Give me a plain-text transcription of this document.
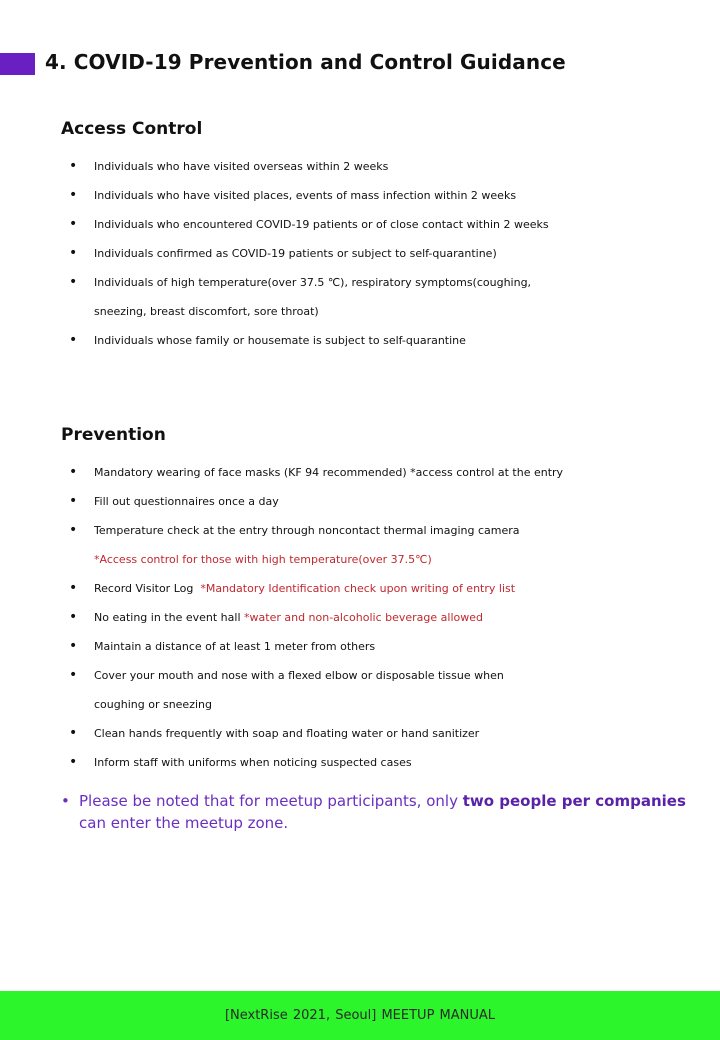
4. COVID-19 Prevention and Control Guidance
Access Control
• Individuals who have visited overseas within 2 weeks
• Individuals who have visited places, events of mass infection within 2 weeks
• Individuals who encountered COVID-19 patients or of close contact within 2 weeks
• Individuals confirmed as COVID-19 patients or subject to self-quarantine)
• Individuals of high temperature(over 37.5 ℃), respiratory symptoms(coughing,
sneezing, breast discomfort, sore throat)
• Individuals whose family or housemate is subject to self-quarantine
Prevention
• Mandatory wearing of face masks (KF 94 recommended) *access control at the entry
• Fill out questionnaires once a day
• Temperature check at the entry through noncontact thermal imaging camera
*Access control for those with high temperature(over 37.5℃)
• Record Visitor Log *Mandatory Identification check upon writing of entry list
• No eating in the event hall *water and non-alcoholic beverage allowed
• Maintain a distance of at least 1 meter from others
• Cover your mouth and nose with a flexed elbow or disposable tissue when
coughing or sneezing
• Clean hands frequently with soap and floating water or hand sanitizer
• Inform staff with uniforms when noticing suspected cases
• Please be noted that for meetup participants, only two people per companies can enter the meetup zone.
[NextRise 2021, Seoul] MEETUP MANUAL
